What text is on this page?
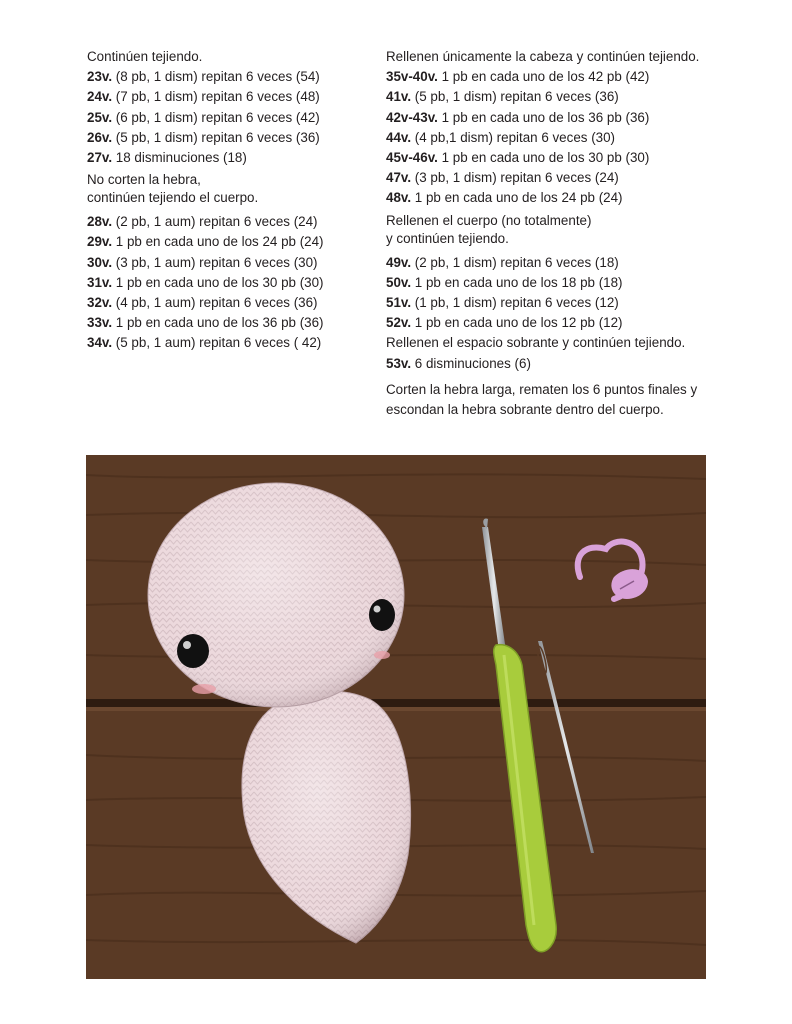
Continúen tejiendo.
23v. (8 pb, 1 dism) repitan 6 veces (54)
24v. (7 pb, 1 dism) repitan 6 veces (48)
25v. (6 pb, 1 dism) repitan 6 veces (42)
26v. (5 pb, 1 dism) repitan 6 veces (36)
27v. 18 disminuciones (18)
No corten la hebra,
continúen tejiendo el cuerpo.
28v. (2 pb, 1 aum) repitan 6 veces (24)
29v. 1 pb en cada uno de los 24 pb (24)
30v. (3 pb, 1 aum) repitan 6 veces (30)
31v. 1 pb en cada uno de los 30 pb (30)
32v. (4 pb, 1 aum) repitan 6 veces (36)
33v. 1 pb en cada uno de los 36 pb (36)
34v. (5 pb, 1 aum) repitan 6 veces ( 42)
Rellenen únicamente la cabeza y continúen tejiendo.
35v-40v. 1 pb en cada uno de los 42 pb (42)
41v. (5 pb, 1 dism) repitan 6 veces (36)
42v-43v. 1 pb en cada uno de los 36 pb (36)
44v. (4 pb,1 dism) repitan 6 veces (30)
45v-46v. 1 pb en cada uno de los 30 pb (30)
47v. (3 pb, 1 dism) repitan 6 veces (24)
48v. 1 pb en cada uno de los 24 pb (24)
Rellenen el cuerpo (no totalmente)
y continúen tejiendo.
49v. (2 pb, 1 dism) repitan 6 veces (18)
50v. 1 pb en cada uno de los 18 pb (18)
51v. (1 pb, 1 dism) repitan 6 veces (12)
52v. 1 pb en cada uno de los 12 pb (12)
Rellenen el espacio sobrante y continúen tejiendo.
53v. 6 disminuciones (6)
Corten la hebra larga, rematen los 6 puntos finales y
escondan la hebra sobrante dentro del cuerpo.
